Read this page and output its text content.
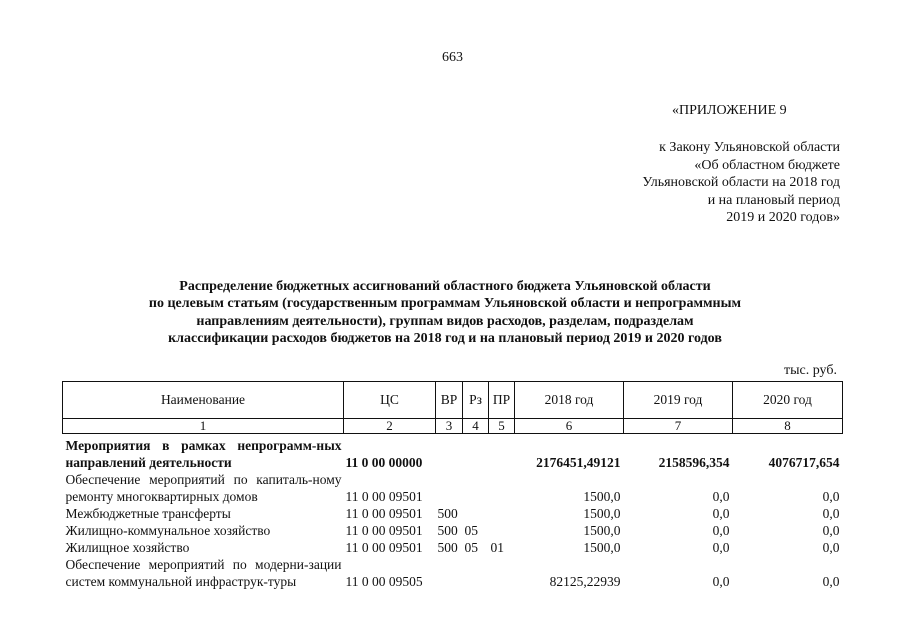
663
«ПРИЛОЖЕНИЕ 9
к Закону Ульяновской области
«Об областном бюджете
Ульяновской области на 2018 год
и на плановый период
2019 и 2020 годов»
Распределение бюджетных ассигнований областного бюджета Ульяновской области
по целевым статьям (государственным программам Ульяновской области и непрограммным
направлениям деятельности), группам видов расходов, разделам, подразделам
классификации расходов бюджетов на 2018 год и на плановый период 2019 и 2020 годов
тыс. руб.
Наименование	ЦС	ВР	Рз	ПР	2018 год	2019 год	2020 год
1	2	3	4	5	6	7	8
Мероприятия в рамках непрограмм-ных направлений деятельности	11 0 00 00000				2176451,49121	2158596,354	4076717,654
Обеспечение мероприятий по капиталь-ному ремонту многоквартирных домов	11 0 00 09501				1500,0	0,0	0,0
Межбюджетные трансферты	11 0 00 09501	500			1500,0	0,0	0,0
Жилищно-коммунальное хозяйство	11 0 00 09501	500	05		1500,0	0,0	0,0
Жилищное хозяйство	11 0 00 09501	500	05	01	1500,0	0,0	0,0
Обеспечение мероприятий по модерни-зации систем коммунальной инфраструк-туры	11 0 00 09505				82125,22939	0,0	0,0
